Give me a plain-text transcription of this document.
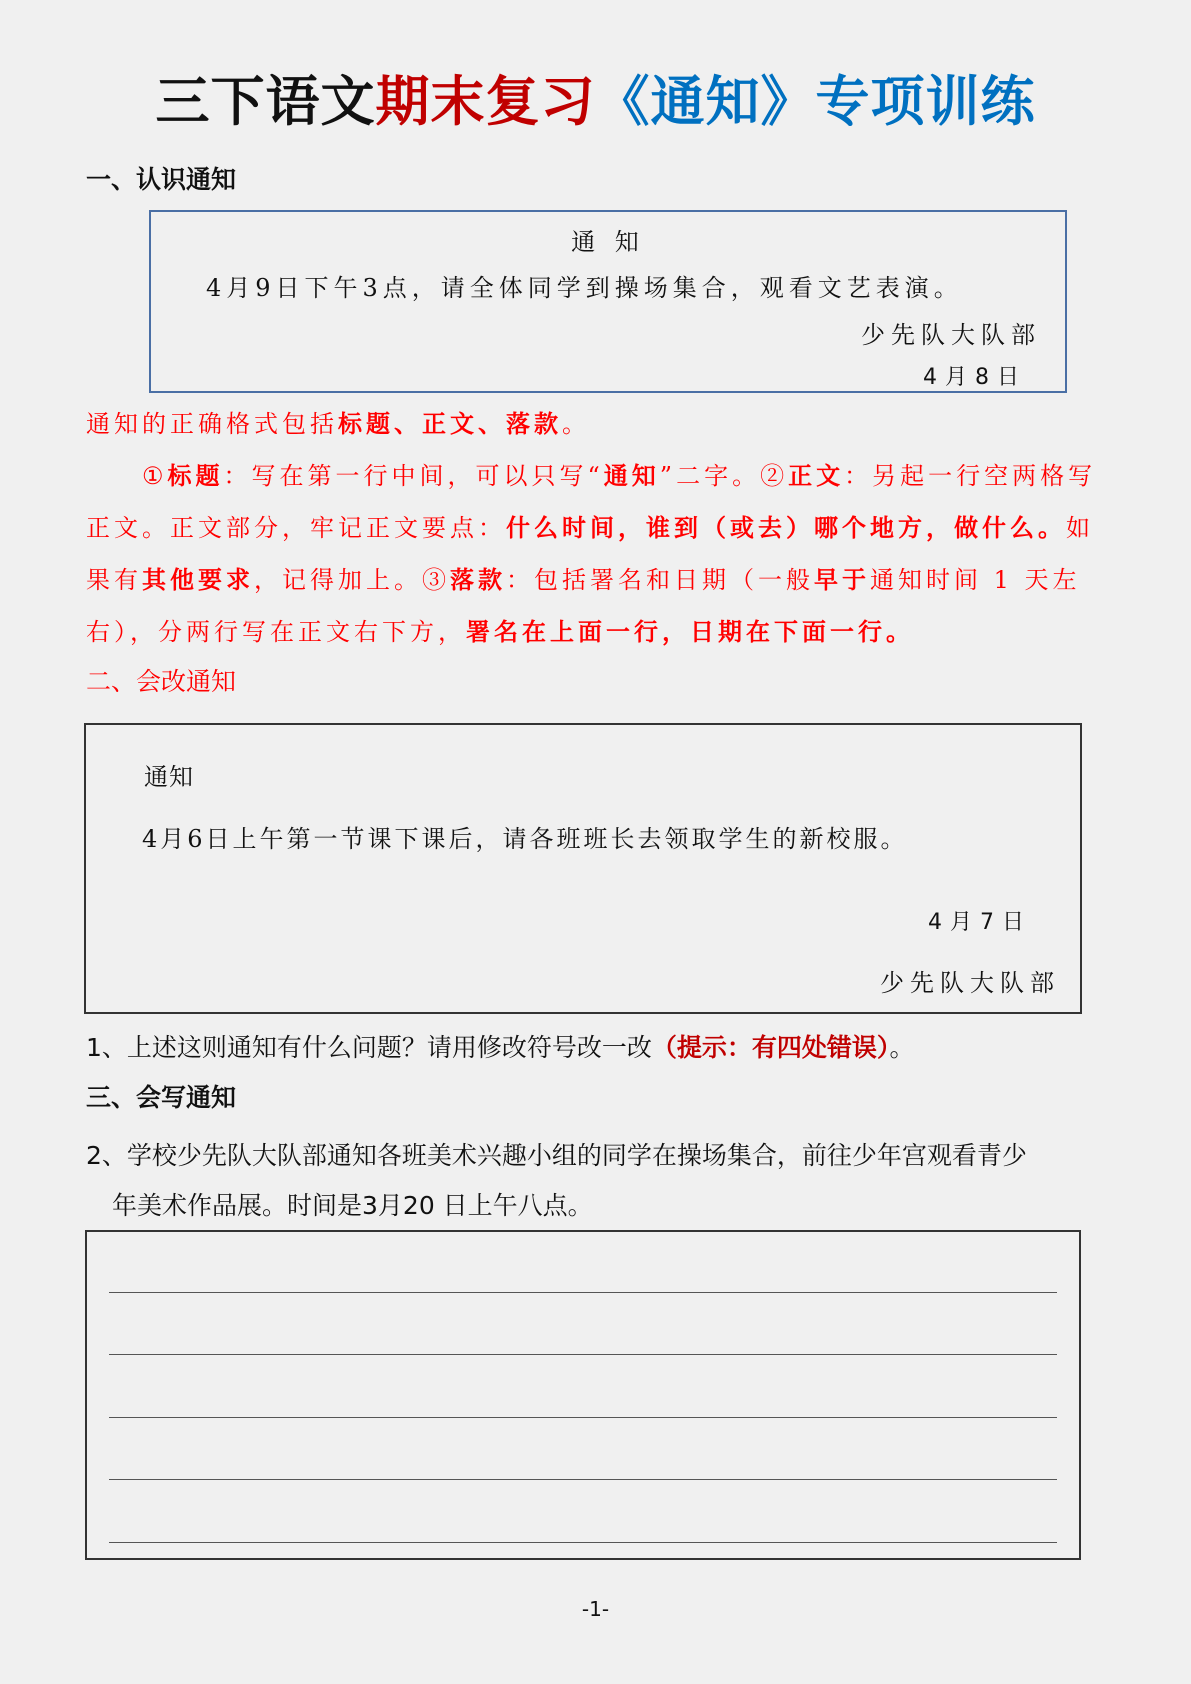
三下语文期末复习《通知》专项训练
一、认识通知
通 知
4月9日下午3点，请全体同学到操场集合，观看文艺表演。
少先队大队部
4月8日
通知的正确格式包括标题、正文、落款。
①标题：写在第一行中间，可以只写“通知”二字。②正文：另起一行空两格写正文。正文部分，牢记正文要点：什么时间，谁到（或去）哪个地方，做什么。如果有其他要求，记得加上。③落款：包括署名和日期（一般早于通知时间 1 天左右），分两行写在正文右下方，署名在上面一行，日期在下面一行。
二、会改通知
通知
4月6日上午第一节课下课后，请各班班长去领取学生的新校服。
4月7日
少先队大队部
1、上述这则通知有什么问题？请用修改符号改一改（提示：有四处错误）。
三、会写通知
2、学校少先队大队部通知各班美术兴趣小组的同学在操场集合，前往少年宫观看青少
年美术作品展。时间是3月20 日上午八点。
-1-
